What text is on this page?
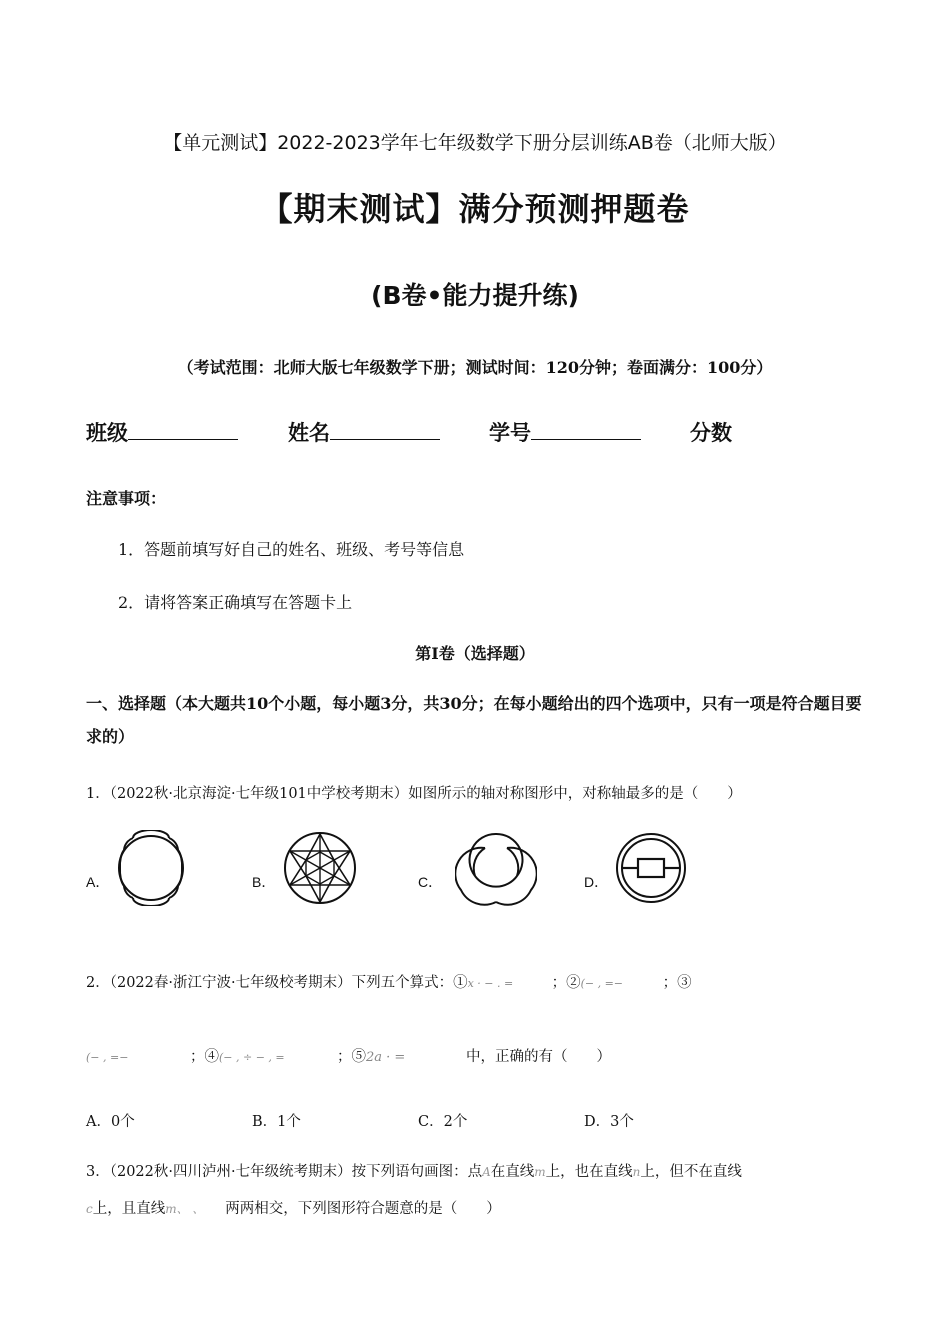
【单元测试】2022-2023学年七年级数学下册分层训练AB卷（北师大版）
【期末测试】满分预测押题卷
(B卷•能力提升练)
（考试范围：北师大版七年级数学下册；测试时间：120分钟；卷面满分：100分）
班级	姓名	学号	分数
注意事项：
1．答题前填写好自己的姓名、班级、考号等信息
2．请将答案正确填写在答题卡上
第I卷（选择题）
一、选择题（本大题共10个小题，每小题3分，共30分；在每小题给出的四个选项中，只有一项是符合题目要求的）
1．（2022秋·北京海淀·七年级101中学校考期末）如图所示的轴对称图形中，对称轴最多的是（　　）
A．	B．	C．	D．
2．（2022春·浙江宁波·七年级校考期末）下列五个算式：①x · − . =	；②(− , =−	；③
(− , =−	；④(− , ÷ − , =	；⑤2a · =	中，正确的有（　　）
A．0个	B．1个	C．2个	D．3个
3．（2022秋·四川泸州·七年级统考期末）按下列语句画图：点A在直线m上，也在直线n上，但不在直线
c上，且直线m、 、 两两相交，下列图形符合题意的是（　　）
